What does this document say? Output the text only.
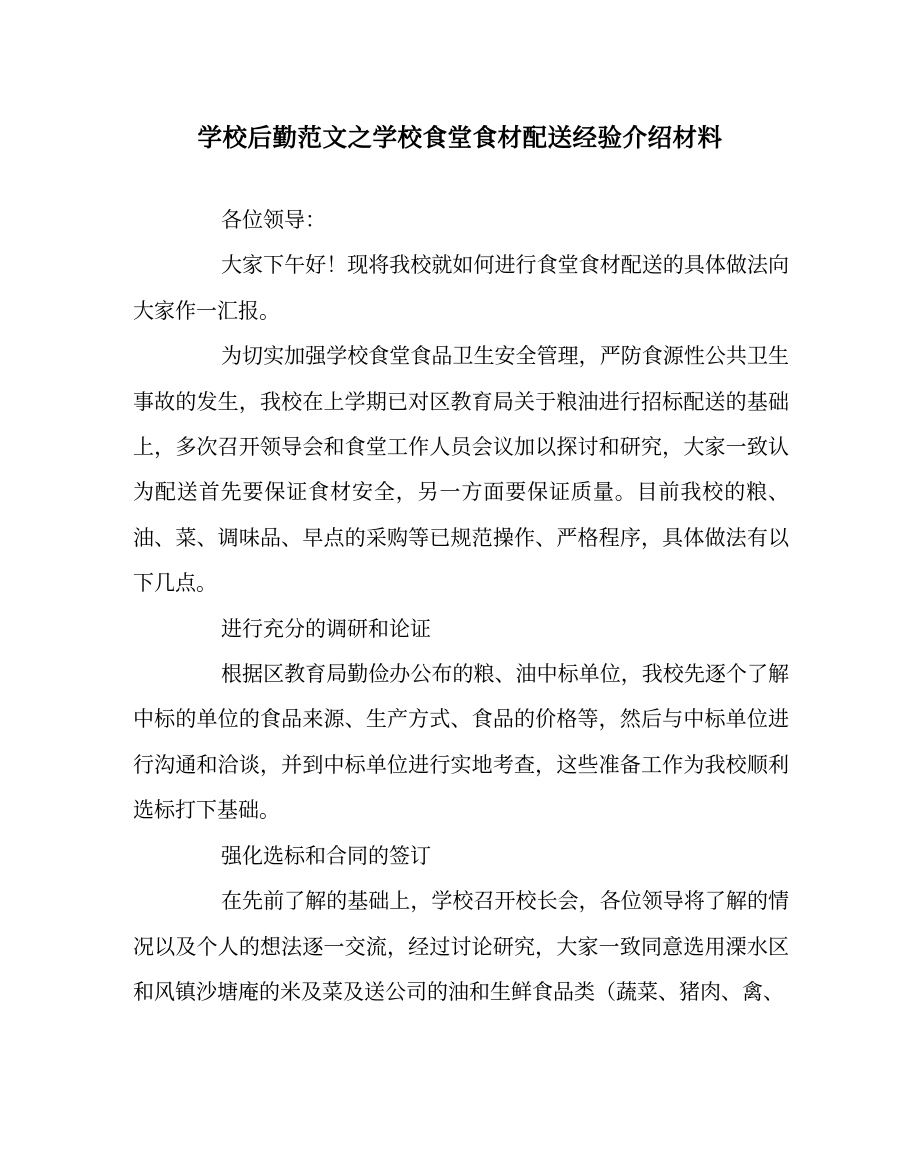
学校后勤范文之学校食堂食材配送经验介绍材料

各位领导：

大家下午好！现将我校就如何进行食堂食材配送的具体做法向大家作一汇报。

为切实加强学校食堂食品卫生安全管理，严防食源性公共卫生事故的发生，我校在上学期已对区教育局关于粮油进行招标配送的基础上，多次召开领导会和食堂工作人员会议加以探讨和研究，大家一致认为配送首先要保证食材安全，另一方面要保证质量。目前我校的粮、油、菜、调味品、早点的采购等已规范操作、严格程序，具体做法有以下几点。

进行充分的调研和论证

根据区教育局勤俭办公布的粮、油中标单位，我校先逐个了解中标的单位的食品来源、生产方式、食品的价格等，然后与中标单位进行沟通和洽谈，并到中标单位进行实地考查，这些准备工作为我校顺利选标打下基础。

强化选标和合同的签订

在先前了解的基础上，学校召开校长会，各位领导将了解的情况以及个人的想法逐一交流，经过讨论研究，大家一致同意选用溧水区和风镇沙塘庵的米及菜及送公司的油和生鲜食品类（蔬菜、猪肉、禽、
